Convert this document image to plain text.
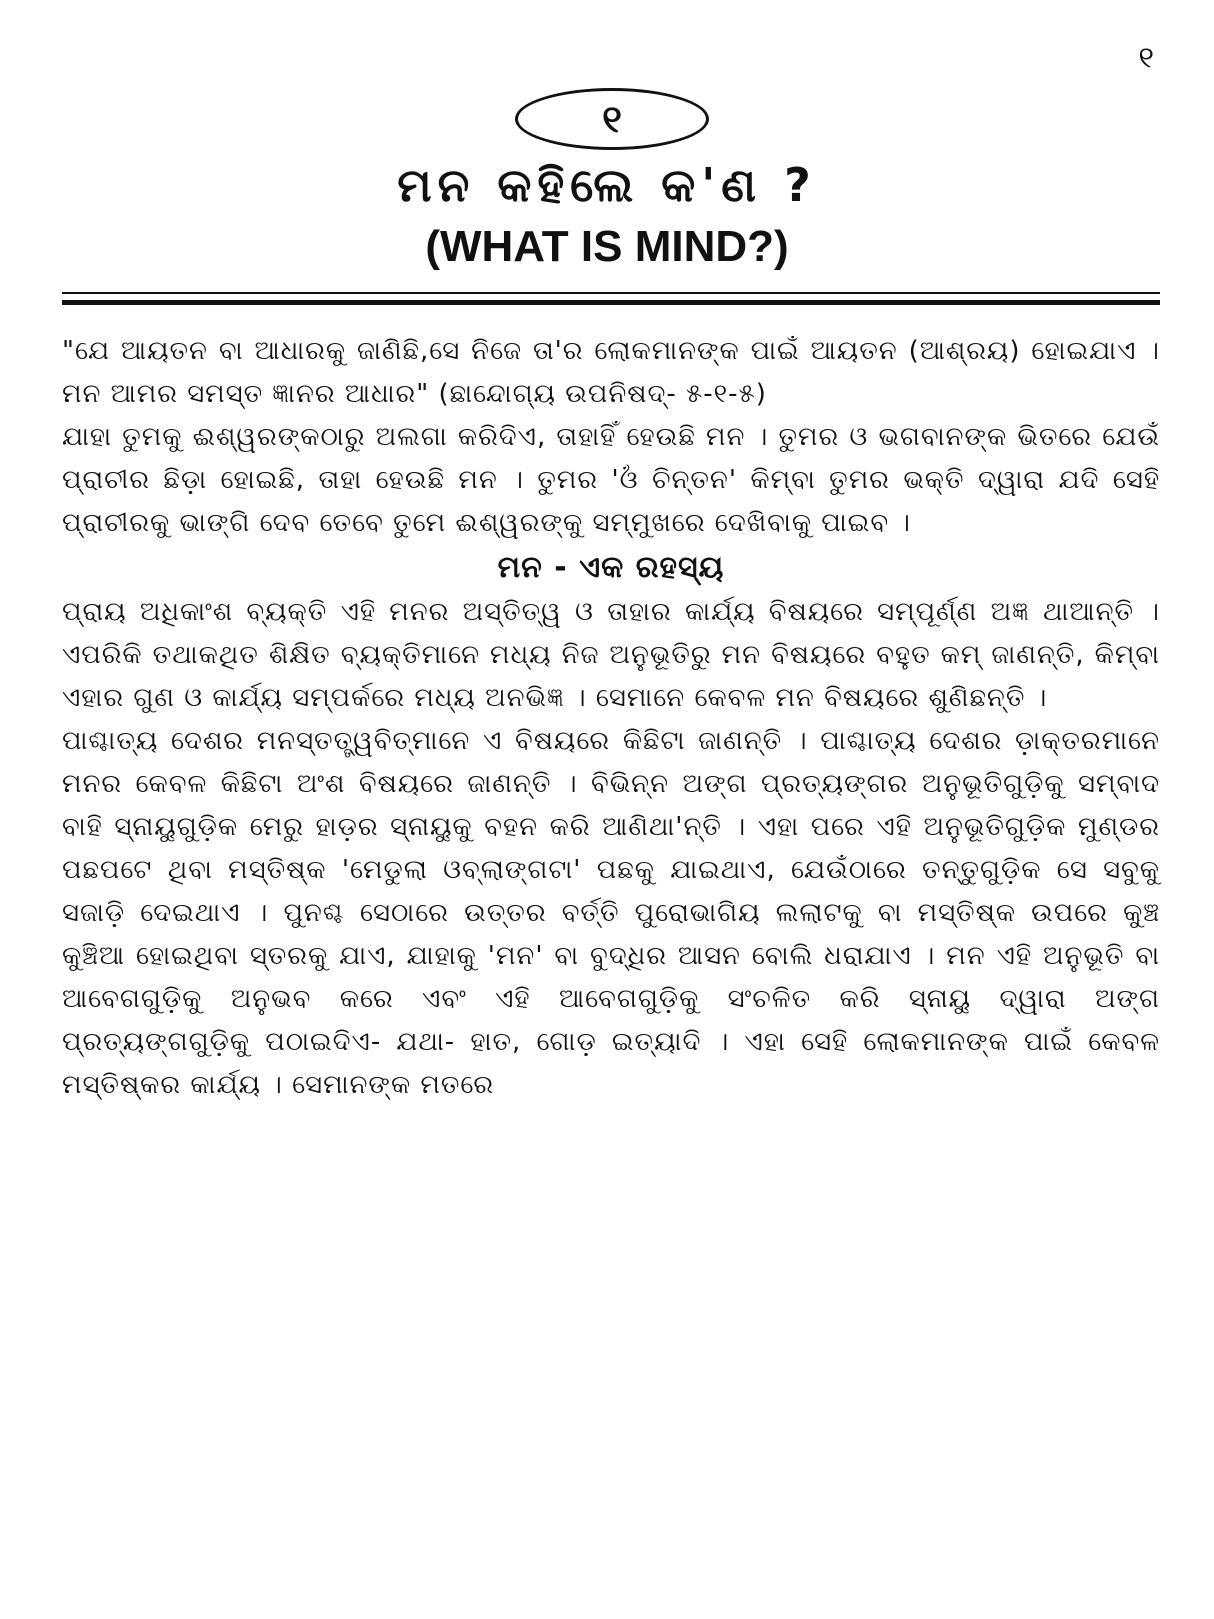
୧
୧
ମନ କହିଲେ କ'ଣ ?
(WHAT IS MIND?)

"ଯେ ଆୟତନ ବା ଆଧାରକୁ ଜାଣିଛି,ସେ ନିଜେ ତା'ର ଲୋକମାନଙ୍କ ପାଇଁ ଆୟତନ (ଆଶ୍ରୟ) ହୋଇଯାଏ । ମନ ଆମର ସମସ୍ତ ଜ୍ଞାନର ଆଧାର" (ଛାନ୍ଦୋଗ୍ୟ ଉପନିଷଦ୍- ୫-୧-୫)

ଯାହା ତୁମକୁ ଈଶ୍ୱରଙ୍କଠାରୁ ଅଲଗା କରିଦିଏ, ତାହାହିଁ ହେଉଛି ମନ । ତୁମର ଓ ଭଗବାନଙ୍କ ଭିତରେ ଯେଉଁ ପ୍ରାଚୀର ଛିଡ଼ା ହୋଇଛି, ତାହା ହେଉଛି ମନ । ତୁମର 'ଓଁ ଚିନ୍ତନ' କିମ୍ବା ତୁମର ଭକ୍ତି ଦ୍ୱାରା ଯଦି ସେହି ପ୍ରାଚୀରକୁ ଭାଙ୍ଗି ଦେବ ତେବେ ତୁମେ ଈଶ୍ୱରଙ୍କୁ ସମ୍ମୁଖରେ ଦେଖିବାକୁ ପାଇବ ।

ମନ - ଏକ ରହସ୍ୟ

ପ୍ରାୟ ଅଧିକାଂଶ ବ୍ୟକ୍ତି ଏହି ମନର ଅସ୍ତିତ୍ୱ ଓ ତାହାର କାର୍ଯ୍ୟ ବିଷୟରେ ସମ୍ପୂର୍ଣ୍ଣ ଅଜ୍ଞ ଥାଆନ୍ତି । ଏପରିକି ତଥାକଥିତ ଶିକ୍ଷିତ ବ୍ୟକ୍ତିମାନେ ମଧ୍ୟ ନିଜ ଅନୁଭୂତିରୁ ମନ ବିଷୟରେ ବହୁତ କମ୍ ଜାଣନ୍ତି, କିମ୍ବା ଏହାର ଗୁଣ ଓ କାର୍ଯ୍ୟ ସମ୍ପର୍କରେ ମଧ୍ୟ ଅନଭିଜ୍ଞ । ସେମାନେ କେବଳ ମନ ବିଷୟରେ ଶୁଣିଛନ୍ତି ।

ପାଶ୍ଚାତ୍ୟ ଦେଶର ମନସ୍ତତ୍ତ୍ୱବିତ୍‌ମାନେ ଏ ବିଷୟରେ କିଛିଟା ଜାଣନ୍ତି । ପାଶ୍ଚାତ୍ୟ ଦେଶର ଡ଼ାକ୍ତରମାନେ ମନର କେବଳ କିଛିଟା ଅଂଶ ବିଷୟରେ ଜାଣନ୍ତି । ବିଭିନ୍ନ ଅଙ୍ଗ ପ୍ରତ୍ୟଙ୍ଗର ଅନୁଭୂତିଗୁଡ଼ିକୁ ସମ୍ବାଦ ବାହି ସ୍ନାୟୁଗୁଡ଼ିକ ମେରୁ ହାଡ଼ର ସ୍ନାୟୁକୁ ବହନ କରି ଆଣିଥା'ନ୍ତି । ଏହା ପରେ ଏହି ଅନୁଭୂତିଗୁଡ଼ିକ ମୁଣ୍ଡର ପଛପଟେ ଥିବା ମସ୍ତିଷ୍କ 'ମେଡୁଲା ଓବ୍‌ଲାଙ୍ଗଟା' ପଛକୁ ଯାଇଥାଏ, ଯେଉଁଠାରେ ତନ୍ତୁଗୁଡ଼ିକ ସେ ସବୁକୁ ସଜାଡ଼ି ଦେଇଥାଏ । ପୁନଶ୍ଚ ସେଠାରେ ଉତ୍ତର ବର୍ତ୍ତି ପୁରୋଭାଗିୟ ଲଲାଟକୁ ବା ମସ୍ତିଷ୍କ ଉପରେ କୁଞ୍ଚ କୁଞ୍ଚିଆ ହୋଇଥିବା ସ୍ତରକୁ ଯାଏ, ଯାହାକୁ 'ମନ' ବା ବୁଦ୍ଧିର ଆସନ ବୋଲି ଧରାଯାଏ । ମନ ଏହି ଅନୁଭୂତି ବା ଆବେଗଗୁଡ଼ିକୁ ଅନୁଭବ କରେ ଏବଂ ଏହି ଆବେଗଗୁଡ଼ିକୁ ସଂଚଳିତ କରି ସ୍ନାୟୁ ଦ୍ୱାରା ଅଙ୍ଗ ପ୍ରତ୍ୟଙ୍ଗଗୁଡ଼ିକୁ ପଠାଇଦିଏ- ଯଥା- ହାତ, ଗୋଡ଼ ଇତ୍ୟାଦି । ଏହା ସେହି ଲୋକମାନଙ୍କ ପାଇଁ କେବଳ ମସ୍ତିଷ୍କର କାର୍ଯ୍ୟ । ସେମାନଙ୍କ ମତରେ
